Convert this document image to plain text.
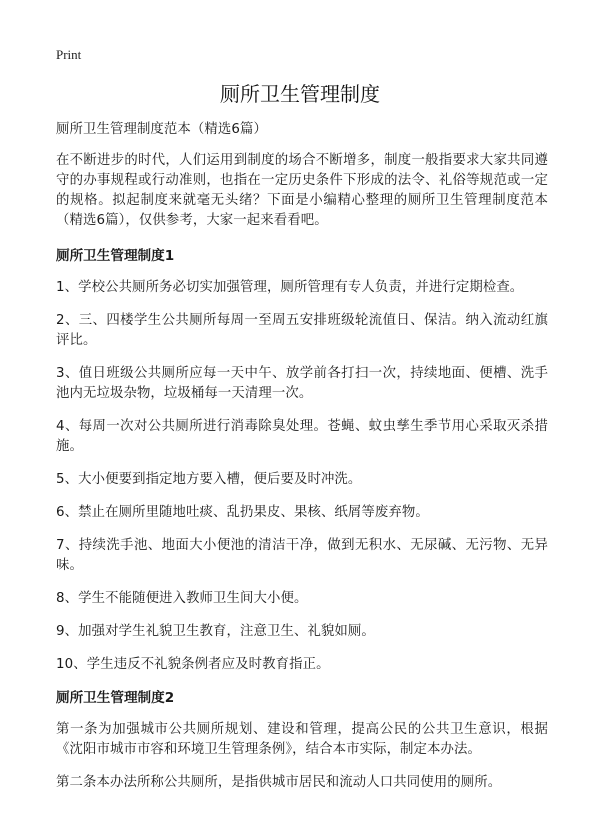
Print
厕所卫生管理制度

厕所卫生管理制度范本（精选6篇）

在不断进步的时代，人们运用到制度的场合不断增多，制度一般指要求大家共同遵守的办事规程或行动准则，也指在一定历史条件下形成的法令、礼俗等规范或一定的规格。拟起制度来就毫无头绪？下面是小编精心整理的厕所卫生管理制度范本（精选6篇），仅供参考，大家一起来看看吧。

厕所卫生管理制度1

1、学校公共厕所务必切实加强管理，厕所管理有专人负责，并进行定期检查。

2、三、四楼学生公共厕所每周一至周五安排班级轮流值日、保洁。纳入流动红旗评比。

3、值日班级公共厕所应每一天中午、放学前各打扫一次，持续地面、便槽、洗手池内无垃圾杂物，垃圾桶每一天清理一次。

4、每周一次对公共厕所进行消毒除臭处理。苍蝇、蚊虫孳生季节用心采取灭杀措施。

5、大小便要到指定地方要入槽，便后要及时冲洗。

6、禁止在厕所里随地吐痰、乱扔果皮、果核、纸屑等废弃物。

7、持续洗手池、地面大小便池的清洁干净，做到无积水、无尿碱、无污物、无异味。

8、学生不能随便进入教师卫生间大小便。

9、加强对学生礼貌卫生教育，注意卫生、礼貌如厕。

10、学生违反不礼貌条例者应及时教育指正。

厕所卫生管理制度2

第一条为加强城市公共厕所规划、建设和管理，提高公民的公共卫生意识，根据《沈阳市城市市容和环境卫生管理条例》，结合本市实际，制定本办法。

第二条本办法所称公共厕所，是指供城市居民和流动人口共同使用的厕所。
